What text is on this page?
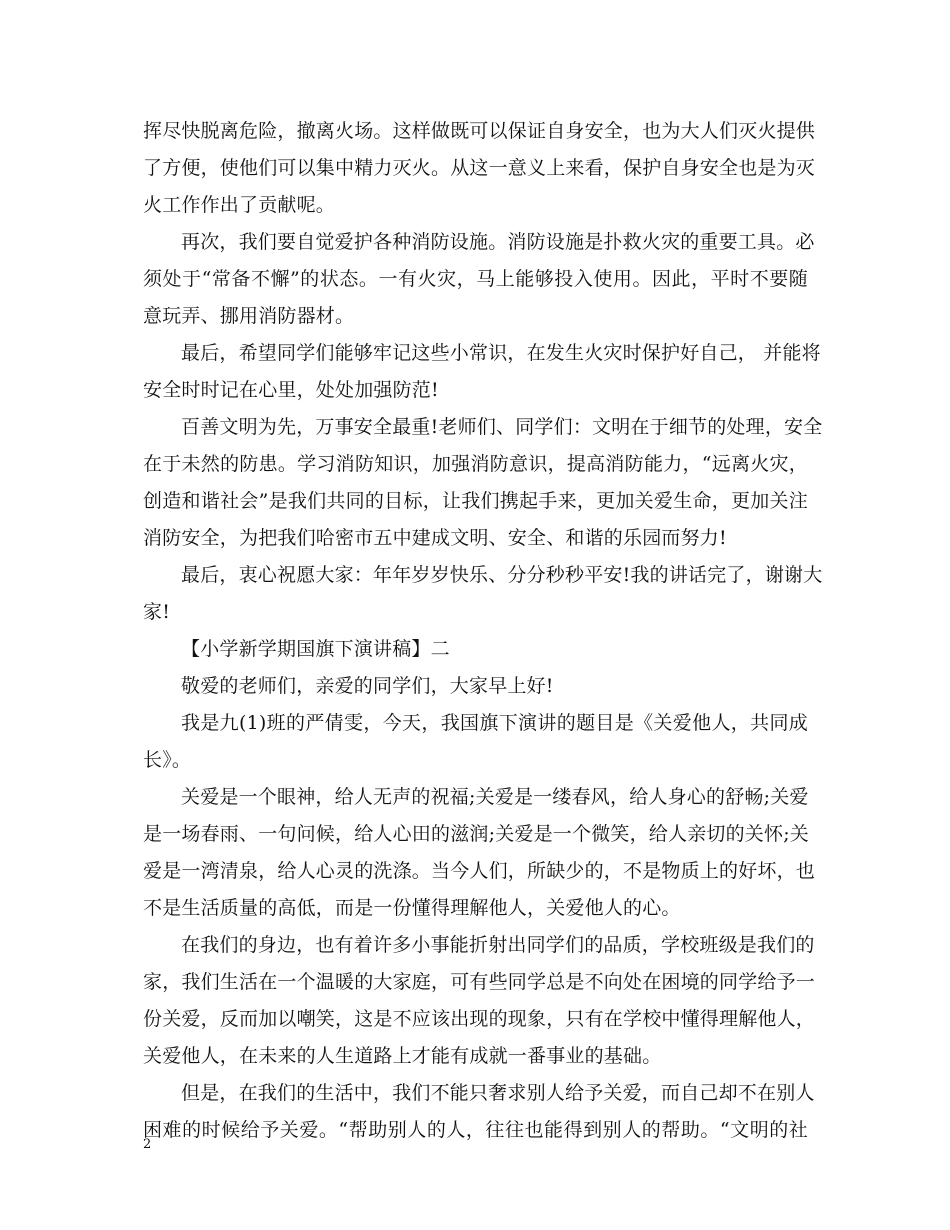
挥尽快脱离危险，撤离火场。这样做既可以保证自身安全，也为大人们灭火提供
了方便，使他们可以集中精力灭火。从这一意义上来看，保护自身安全也是为灭
火工作作出了贡献呢。
再次，我们要自觉爱护各种消防设施。消防设施是扑救火灾的重要工具。必
须处于“常备不懈”的状态。一有火灾，马上能够投入使用。因此，平时不要随
意玩弄、挪用消防器材。
最后，希望同学们能够牢记这些小常识，在发生火灾时保护好自己， 并能将
安全时时记在心里，处处加强防范!
百善文明为先，万事安全最重!老师们、同学们：文明在于细节的处理，安全
在于未然的防患。学习消防知识，加强消防意识，提高消防能力，“远离火灾，
创造和谐社会”是我们共同的目标，让我们携起手来，更加关爱生命，更加关注
消防安全，为把我们哈密市五中建成文明、安全、和谐的乐园而努力!
最后，衷心祝愿大家：年年岁岁快乐、分分秒秒平安!我的讲话完了，谢谢大
家!
【小学新学期国旗下演讲稿】二
敬爱的老师们，亲爱的同学们，大家早上好!
我是九(1)班的严倩雯，今天，我国旗下演讲的题目是《关爱他人，共同成
长》。
关爱是一个眼神，给人无声的祝福;关爱是一缕春风，给人身心的舒畅;关爱
是一场春雨、一句问候，给人心田的滋润;关爱是一个微笑，给人亲切的关怀;关
爱是一湾清泉，给人心灵的洗涤。当今人们，所缺少的，不是物质上的好坏，也
不是生活质量的高低，而是一份懂得理解他人，关爱他人的心。
在我们的身边，也有着许多小事能折射出同学们的品质，学校班级是我们的
家，我们生活在一个温暖的大家庭，可有些同学总是不向处在困境的同学给予一
份关爱，反而加以嘲笑，这是不应该出现的现象，只有在学校中懂得理解他人，
关爱他人，在未来的人生道路上才能有成就一番事业的基础。
但是，在我们的生活中，我们不能只奢求别人给予关爱，而自己却不在别人
困难的时候给予关爱。“帮助别人的人，往往也能得到别人的帮助。“文明的社
2
